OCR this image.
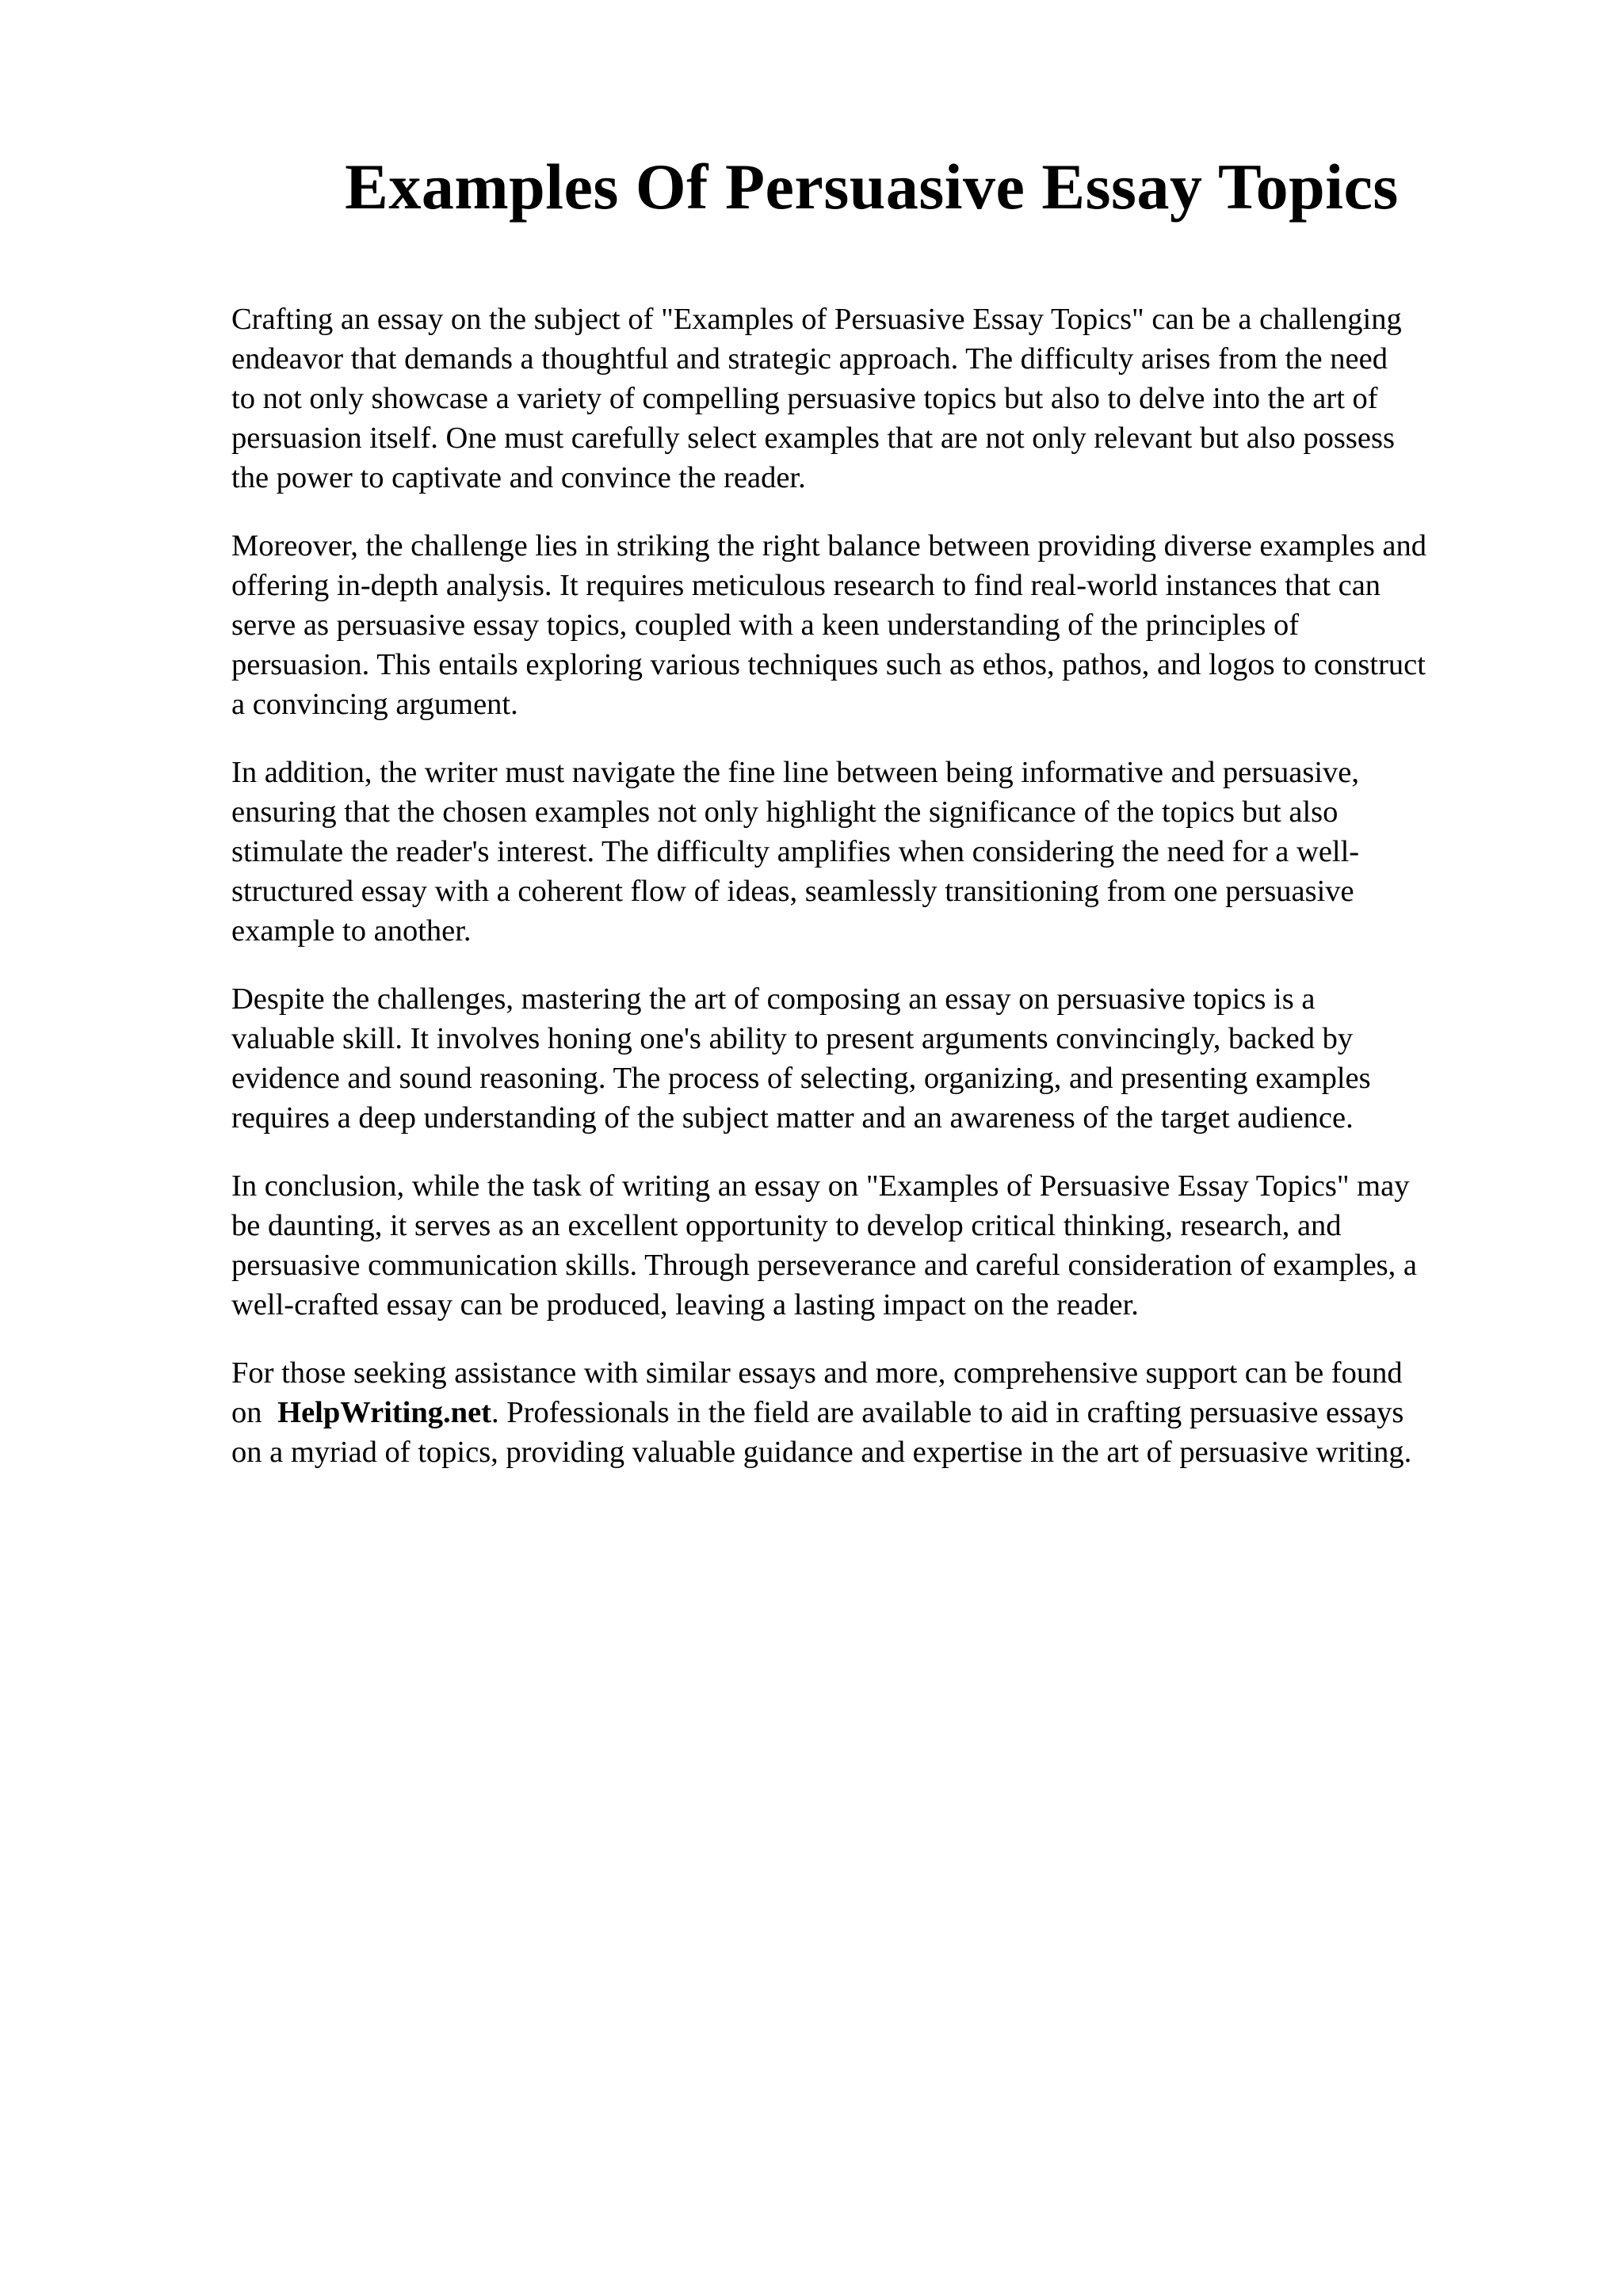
Examples Of Persuasive Essay Topics

Crafting an essay on the subject of "Examples of Persuasive Essay Topics" can be a challenging
endeavor that demands a thoughtful and strategic approach. The difficulty arises from the need
to not only showcase a variety of compelling persuasive topics but also to delve into the art of
persuasion itself. One must carefully select examples that are not only relevant but also possess
the power to captivate and convince the reader.

Moreover, the challenge lies in striking the right balance between providing diverse examples and
offering in-depth analysis. It requires meticulous research to find real-world instances that can
serve as persuasive essay topics, coupled with a keen understanding of the principles of
persuasion. This entails exploring various techniques such as ethos, pathos, and logos to construct
a convincing argument.

In addition, the writer must navigate the fine line between being informative and persuasive,
ensuring that the chosen examples not only highlight the significance of the topics but also
stimulate the reader's interest. The difficulty amplifies when considering the need for a well-
structured essay with a coherent flow of ideas, seamlessly transitioning from one persuasive
example to another.

Despite the challenges, mastering the art of composing an essay on persuasive topics is a
valuable skill. It involves honing one's ability to present arguments convincingly, backed by
evidence and sound reasoning. The process of selecting, organizing, and presenting examples
requires a deep understanding of the subject matter and an awareness of the target audience.

In conclusion, while the task of writing an essay on "Examples of Persuasive Essay Topics" may
be daunting, it serves as an excellent opportunity to develop critical thinking, research, and
persuasive communication skills. Through perseverance and careful consideration of examples, a
well-crafted essay can be produced, leaving a lasting impact on the reader.

For those seeking assistance with similar essays and more, comprehensive support can be found
on HelpWriting.net. Professionals in the field are available to aid in crafting persuasive essays
on a myriad of topics, providing valuable guidance and expertise in the art of persuasive writing.
